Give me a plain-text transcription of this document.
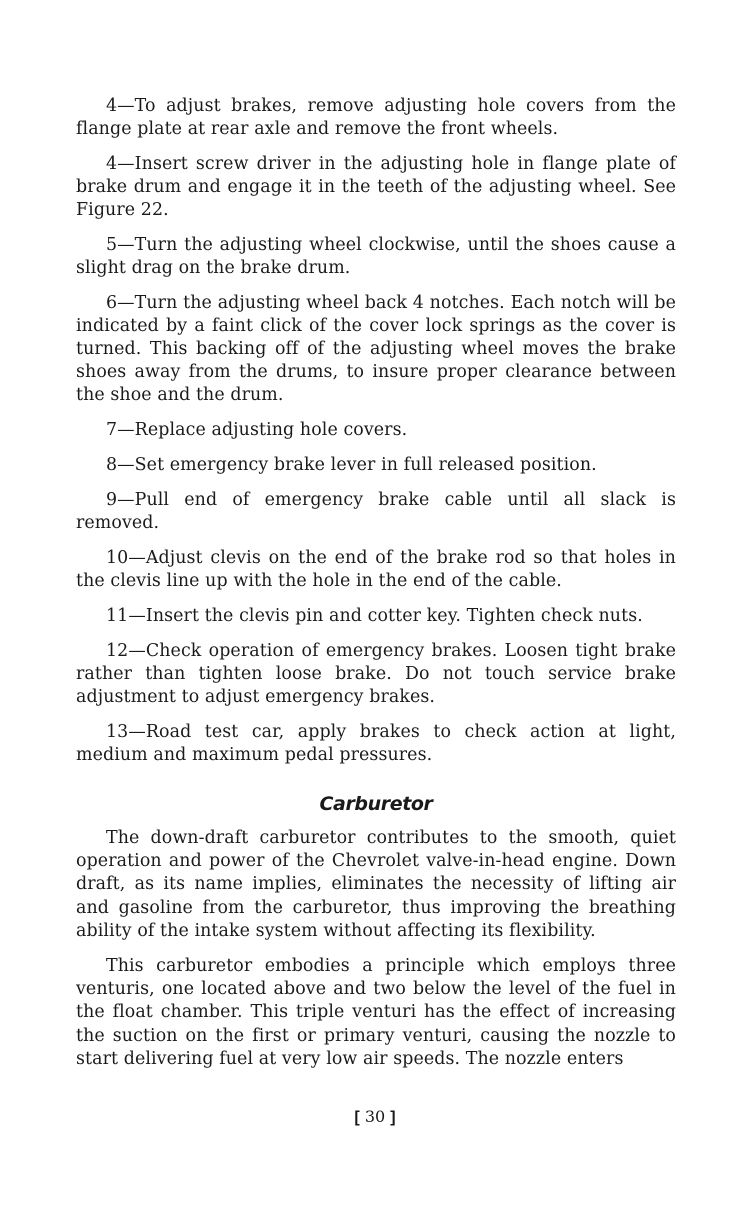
4—To adjust brakes, remove adjusting hole covers from the flange plate at rear axle and remove the front wheels.

4—Insert screw driver in the adjusting hole in flange plate of brake drum and engage it in the teeth of the adjusting wheel. See Figure 22.

5—Turn the adjusting wheel clockwise, until the shoes cause a slight drag on the brake drum.

6—Turn the adjusting wheel back 4 notches. Each notch will be indicated by a faint click of the cover lock springs as the cover is turned. This backing off of the adjusting wheel moves the brake shoes away from the drums, to insure proper clearance between the shoe and the drum.

7—Replace adjusting hole covers.

8—Set emergency brake lever in full released position.

9—Pull end of emergency brake cable until all slack is removed.

10—Adjust clevis on the end of the brake rod so that holes in the clevis line up with the hole in the end of the cable.

11—Insert the clevis pin and cotter key. Tighten check nuts.

12—Check operation of emergency brakes. Loosen tight brake rather than tighten loose brake. Do not touch service brake adjustment to adjust emergency brakes.

13—Road test car, apply brakes to check action at light, medium and maximum pedal pressures.

Carburetor

The down-draft carburetor contributes to the smooth, quiet operation and power of the Chevrolet valve-in-head engine. Down draft, as its name implies, eliminates the necessity of lifting air and gasoline from the carburetor, thus improving the breathing ability of the intake system without affecting its flexibility.

This carburetor embodies a principle which employs three venturis, one located above and two below the level of the fuel in the float chamber. This triple venturi has the effect of increasing the suction on the first or primary venturi, causing the nozzle to start delivering fuel at very low air speeds. The nozzle enters

[ 30 ]
